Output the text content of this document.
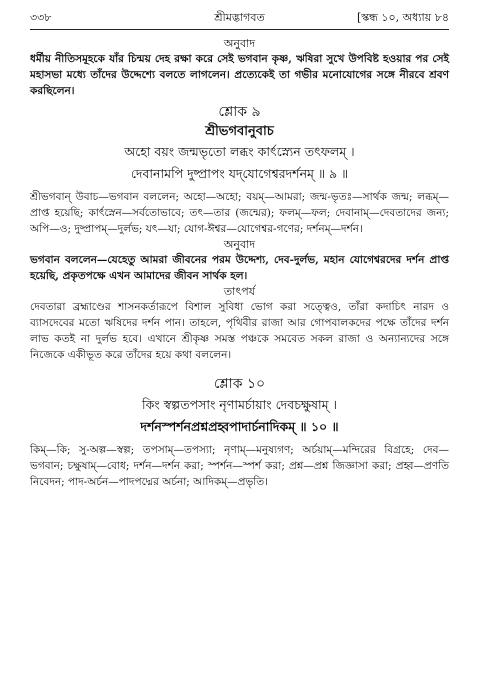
৩৩৮	শ্রীমদ্ভাগবত	[স্কন্ধ ১০, অধ্যায় ৮৪

অনুবাদ

ধর্মীয় নীতিসমূহকে যাঁর চিন্ময় দেহ রক্ষা করে সেই ভগবান কৃষ্ণ, ঋষিরা সুখে উপবিষ্ট হওয়ার পর সেই মহাসভা মধ্যে তাঁদের উদ্দেশ্যে বলতে লাগলেন। প্রত্যেকেই তা গভীর মনোযোগের সঙ্গে নীরবে শ্রবণ করছিলেন।

শ্লোক ৯

শ্রীভগবানুবাচ

অহো বয়ং জন্মভৃতো লব্ধং কার্ৎস্ন্যেন তৎফলম্ ।

দেবানামপি দুষ্প্রাপং যদ্‌যোগেশ্বরদর্শনম্ ॥ ৯ ॥

শ্রীভগবান্ উবাচ—ভগবান বললেন; অহো—অহো; বয়ম্—আমরা; জন্ম-ভৃতঃ—সার্থক জন্ম; লব্ধম্—প্রাপ্ত হয়েছি; কার্ৎস্নেন—সর্বতোভাবে; তৎ—তার (জন্মের); ফলম্—ফল; দেবানাম্—দেবতাদের জন্য; অপি—ও; দুষ্প্রাপম্—দুর্লভ; যৎ—যা; যোগ-ঈশ্বর—যোগেশ্বর-গণের; দর্শনম্—দর্শন।

অনুবাদ

ভগবান বললেন—যেহেতু আমরা জীবনের পরম উদ্দেশ্য, দেব-দুর্লভ, মহান যোগেশ্বরদের দর্শন প্রাপ্ত হয়েছি, প্রকৃতপক্ষে এখন আমাদের জীবন সার্থক হল।

তাৎপর্য

দেবতারা ব্রহ্মাণ্ডের শাসনকর্তারূপে বিশাল সুবিধা ভোগ করা সত্ত্বেও, তাঁরা কদাচিৎ নারদ ও ব্যাসদেবের মতো ঋষিদের দর্শন পান। তাহলে, পৃথিবীর রাজা আর গোপবালকদের পক্ষে তাঁদের দর্শন লাভ কতই না দুর্লভ হবে। এখানে শ্রীকৃষ্ণ সমস্ত পঞ্চকে সমবেত সকল রাজা ও অন্যান্যদের সঙ্গে নিজেকে একীভূত করে তাঁদের হয়ে কথা বললেন।

শ্লোক ১০

কিং স্বল্পতপসাং নৃণামর্চায়াং দেবচক্ষুষাম্ ।

দর্শনস্পর্শনপ্রশ্নপ্রহ্বপাদার্চনাদিকম্ ॥ ১০ ॥

কিম্—কি; সু-অল্প—স্বল্প; তপসাম্—তপস্যা; নৃণাম্—মনুষ্যগণ; অর্চয়াম্—মন্দিরের বিগ্রহে; দেব—ভগবান; চক্ষুষাম্—বোধ; দর্শন—দর্শন করা; স্পর্শন—স্পর্শ করা; প্রশ্ন—প্রশ্ন জিজ্ঞাসা করা; প্রহ্ব—প্রণতি নিবেদন; পাদ-অর্চন—পাদপদ্মের অর্চনা; আদিকম্—প্রভৃতি।
